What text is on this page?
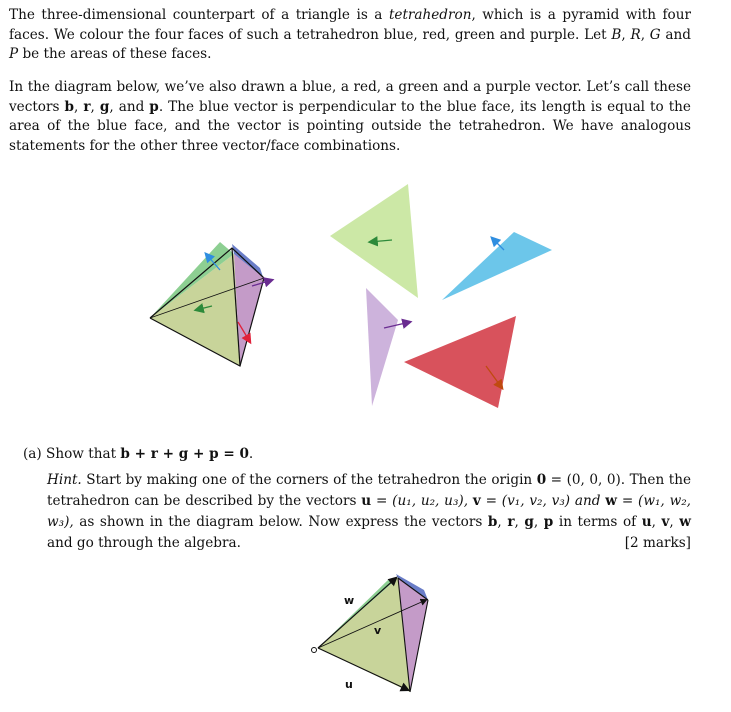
The three-dimensional counterpart of a triangle is a tetrahedron, which is a pyramid with four faces. We colour the four faces of such a tetrahedron blue, red, green and purple. Let B, R, G and P be the areas of these faces.

In the diagram below, we’ve also drawn a blue, a red, a green and a purple vector. Let’s call these vectors b, r, g, and p. The blue vector is perpendicular to the blue face, its length is equal to the area of the blue face, and the vector is pointing outside the tetrahedron. We have analogous statements for the other three vector/face combinations.

(a) Show that b + r + g + p = 0.

Hint. Start by making one of the corners of the tetrahedron the origin 0 = (0, 0, 0). Then the tetrahedron can be described by the vectors u = (u₁, u₂, u₃), v = (v₁, v₂, v₃) and w = (w₁, w₂, w₃), as shown in the diagram below. Now express the vectors b, r, g, p in terms of u, v, w and go through the algebra.	[2 marks]

w
v
u
